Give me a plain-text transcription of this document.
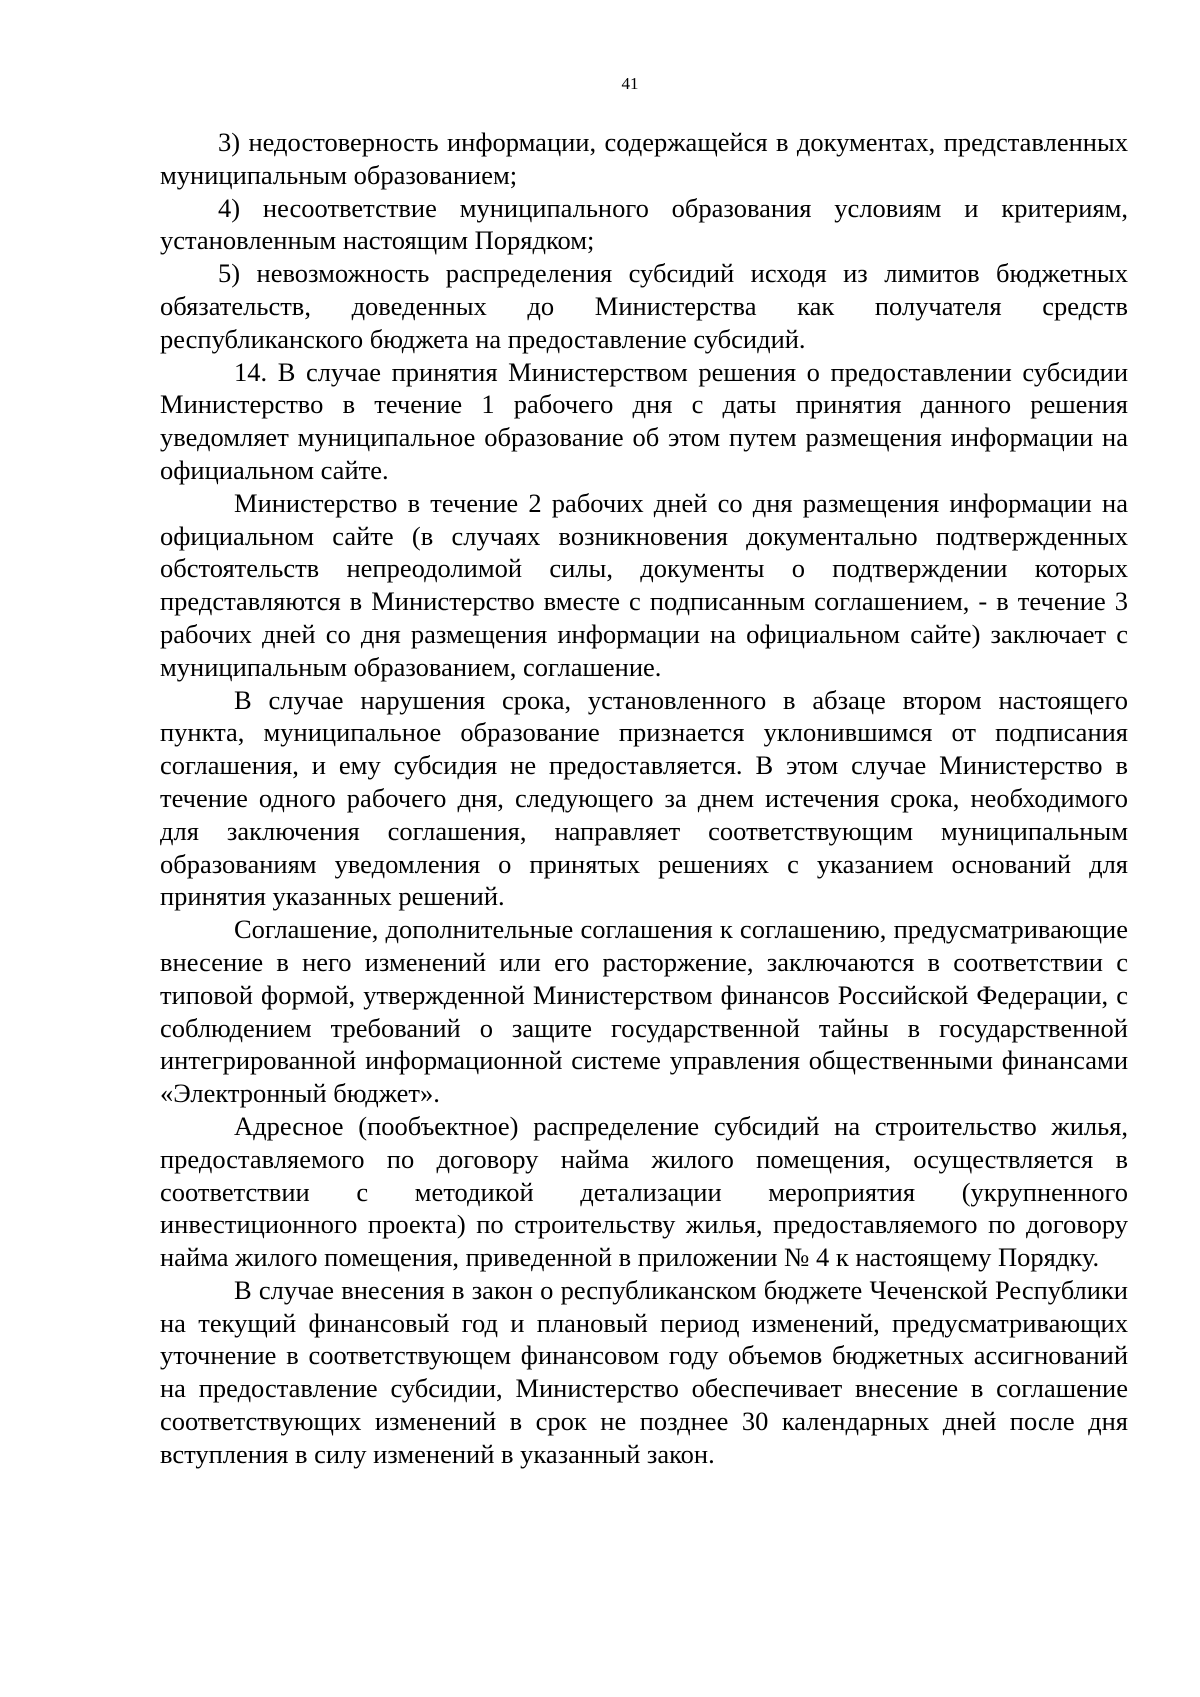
41

3) недостоверность информации, содержащейся в документах, представленных муниципальным образованием;

4) несоответствие муниципального образования условиям и критериям, установленным настоящим Порядком;

5) невозможность распределения субсидий исходя из лимитов бюджетных обязательств, доведенных до Министерства как получателя средств республиканского бюджета на предоставление субсидий.

14. В случае принятия Министерством решения о предоставлении субсидии Министерство в течение 1 рабочего дня с даты принятия данного решения уведомляет муниципальное образование об этом путем размещения информации на официальном сайте.

Министерство в течение 2 рабочих дней со дня размещения информации на официальном сайте (в случаях возникновения документально подтвержденных обстоятельств непреодолимой силы, документы о подтверждении которых представляются в Министерство вместе с подписанным соглашением, - в течение 3 рабочих дней со дня размещения информации на официальном сайте) заключает с муниципальным образованием, соглашение.

В случае нарушения срока, установленного в абзаце втором настоящего пункта, муниципальное образование признается уклонившимся от подписания соглашения, и ему субсидия не предоставляется. В этом случае Министерство в течение одного рабочего дня, следующего за днем истечения срока, необходимого для заключения соглашения, направляет соответствующим муниципальным образованиям уведомления о принятых решениях с указанием оснований для принятия указанных решений.

Соглашение, дополнительные соглашения к соглашению, предусматривающие внесение в него изменений или его расторжение, заключаются в соответствии с типовой формой, утвержденной Министерством финансов Российской Федерации, с соблюдением требований о защите государственной тайны в государственной интегрированной информационной системе управления общественными финансами «Электронный бюджет».

Адресное (пообъектное) распределение субсидий на строительство жилья, предоставляемого по договору найма жилого помещения, осуществляется в соответствии с методикой детализации мероприятия (укрупненного инвестиционного проекта) по строительству жилья, предоставляемого по договору найма жилого помещения, приведенной в приложении № 4 к настоящему Порядку.

В случае внесения в закон о республиканском бюджете Чеченской Республики на текущий финансовый год и плановый период изменений, предусматривающих уточнение в соответствующем финансовом году объемов бюджетных ассигнований на предоставление субсидии, Министерство обеспечивает внесение в соглашение соответствующих изменений в срок не позднее 30 календарных дней после дня вступления в силу изменений в указанный закон.
